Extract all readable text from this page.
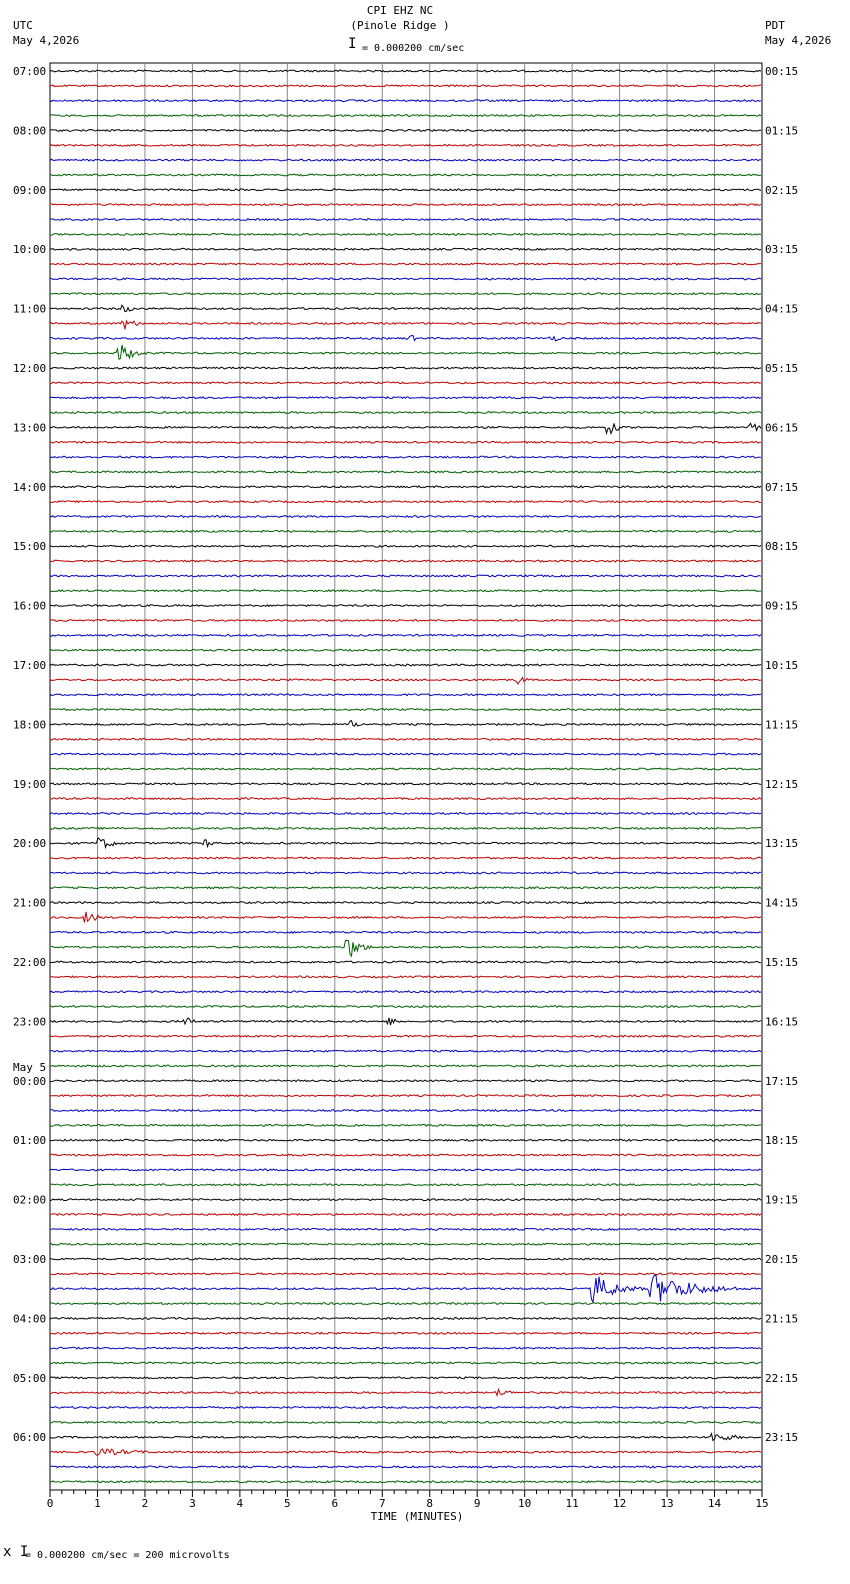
CPI EHZ NC
(Pinole Ridge )
I = 0.000200 cm/sec
UTC
May 4,2026
PDT
May 4,2026
07:00	00:15
08:00	01:15
09:00	02:15
10:00	03:15
11:00	04:15
12:00	05:15
13:00	06:15
14:00	07:15
15:00	08:15
16:00	09:15
17:00	10:15
18:00	11:15
19:00	12:15
20:00	13:15
21:00	14:15
22:00	15:15
23:00	16:15
00:00	17:15
01:00	18:15
02:00	19:15
03:00	20:15
04:00	21:15
05:00	22:15
06:00	23:15
May 5
0	1	2	3	4	5	6	7	8	9	10	11	12	13	14	15
TIME (MINUTES)
x I
= 0.000200 cm/sec = 200 microvolts
